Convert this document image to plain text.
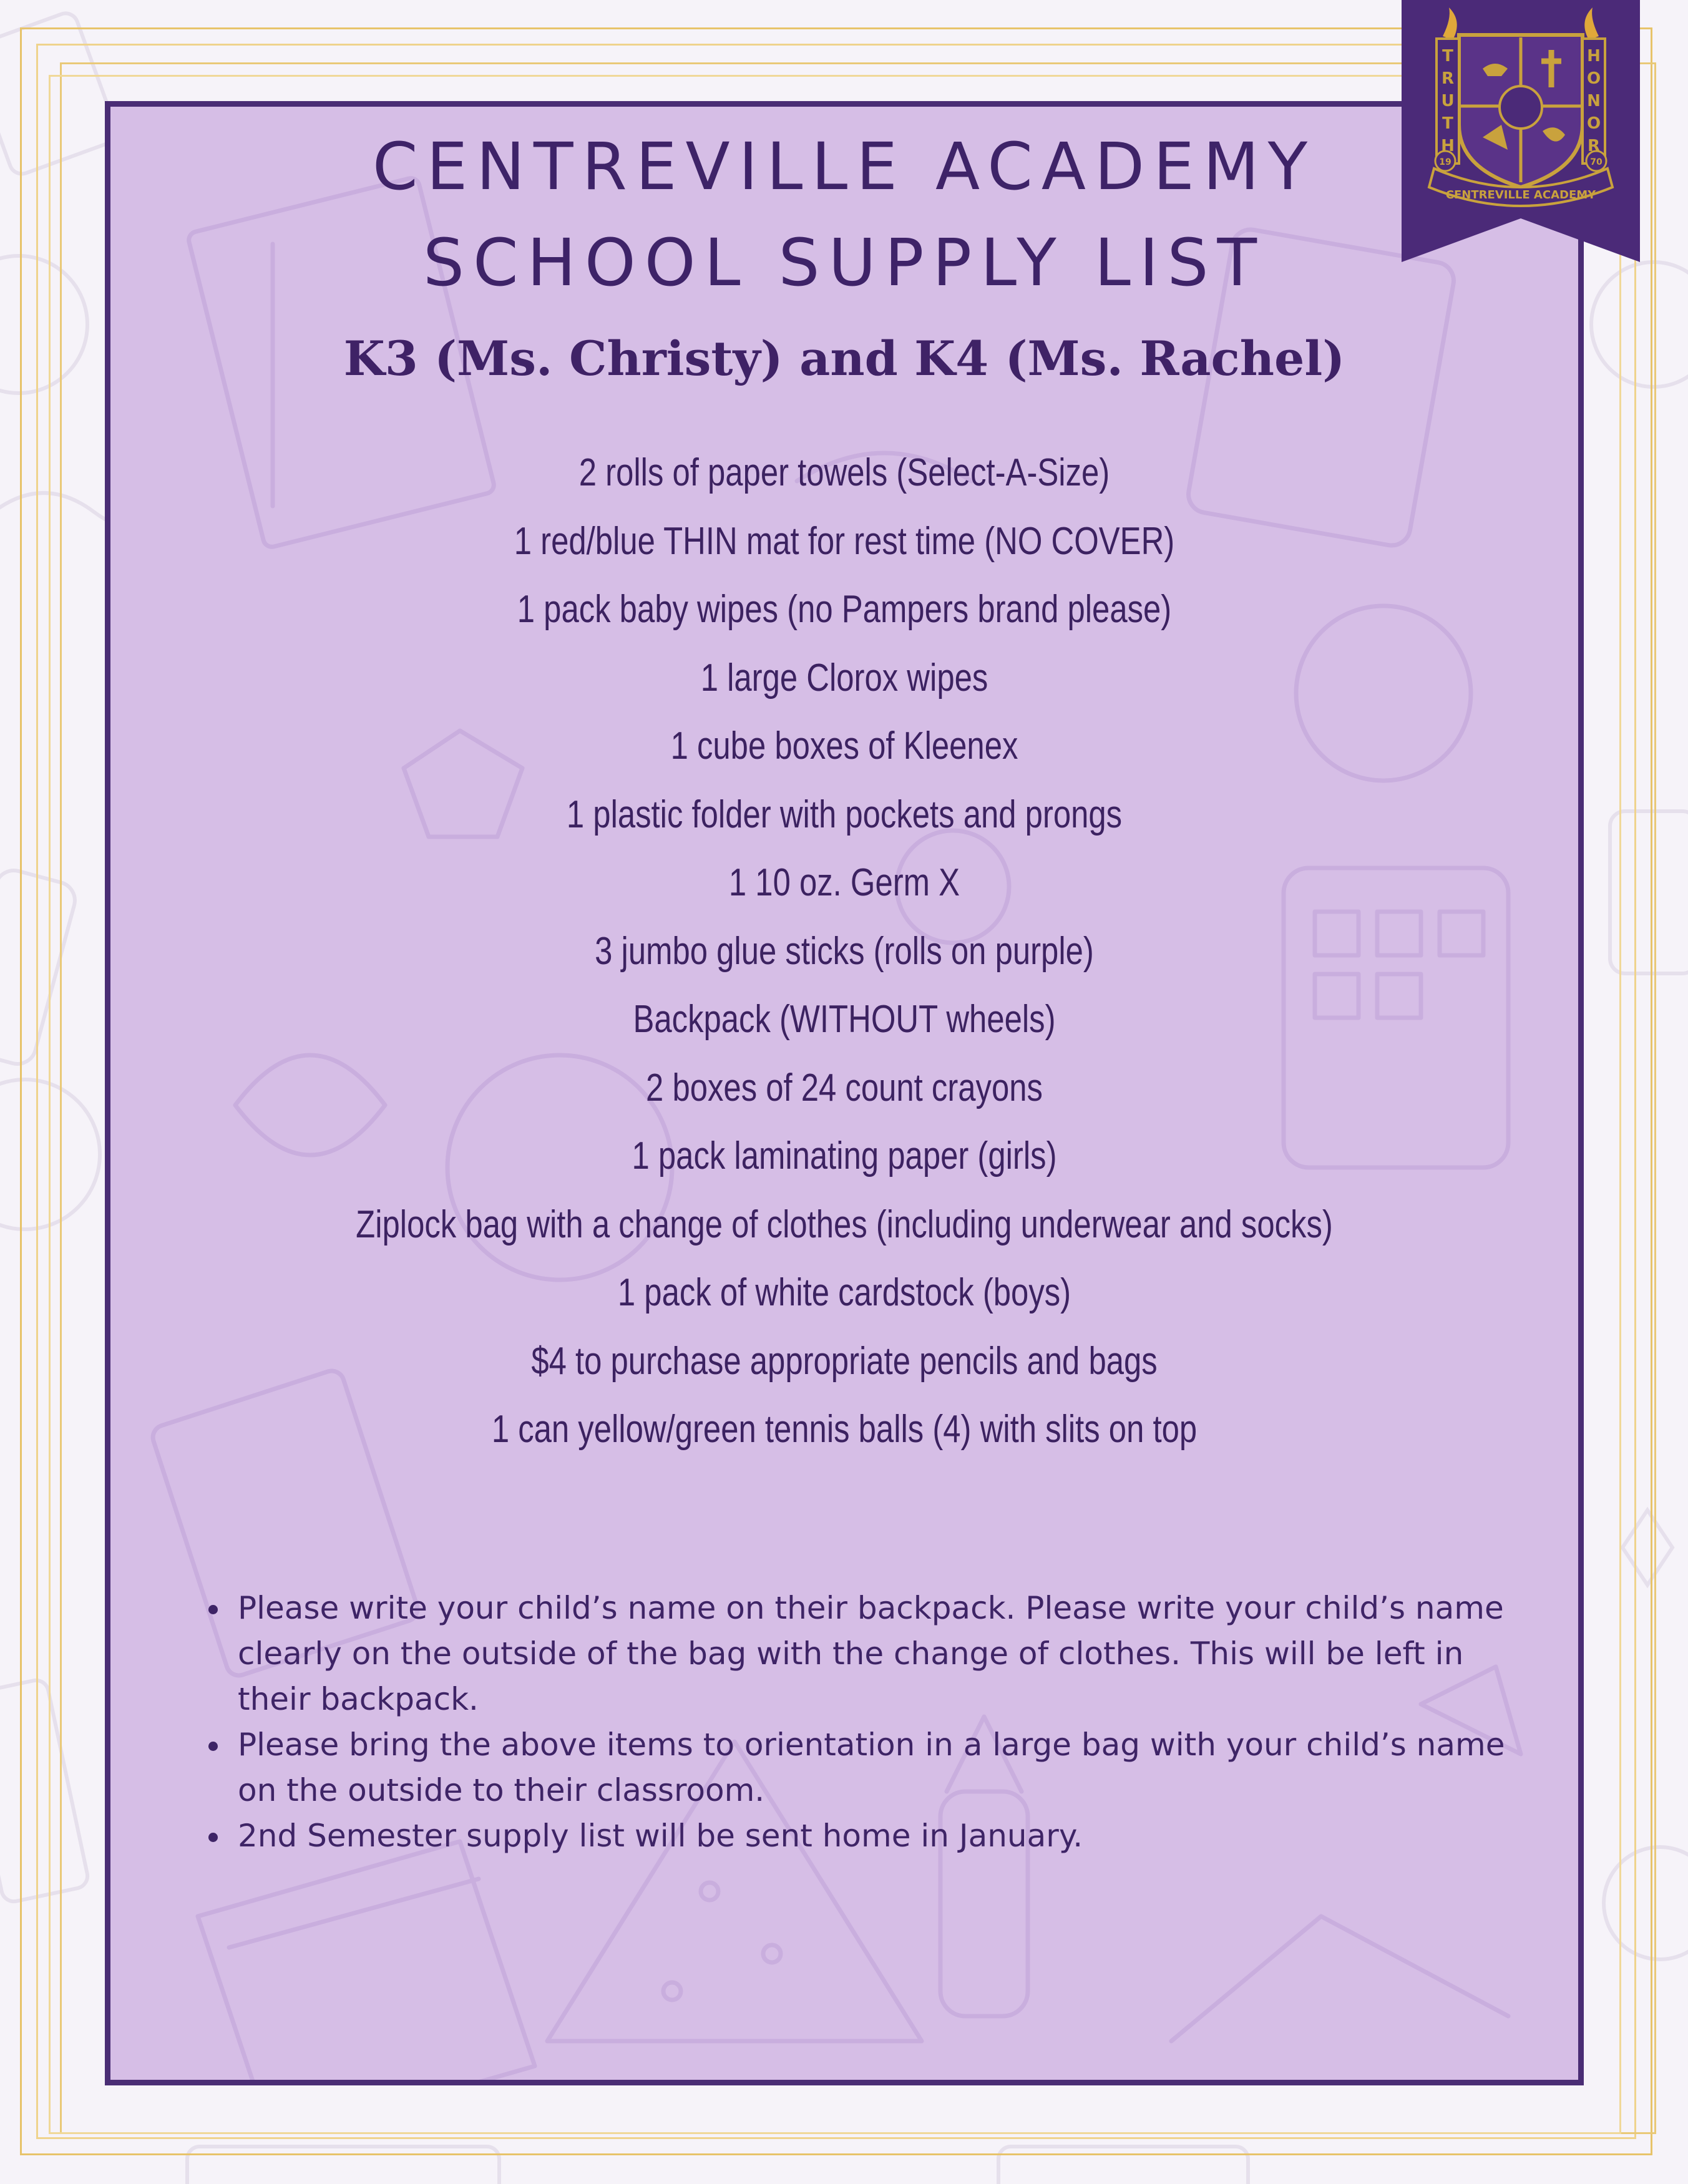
CENTREVILLE ACADEMY
SCHOOL SUPPLY LIST
K3 (Ms. Christy) and K4 (Ms. Rachel)
2 rolls of paper towels (Select-A-Size)
1 red/blue THIN mat for rest time (NO COVER)
1 pack baby wipes (no Pampers brand please)
1 large Clorox wipes
1 cube boxes of Kleenex
1 plastic folder with pockets and prongs
1 10 oz. Germ X
3 jumbo glue sticks (rolls on purple)
Backpack (WITHOUT wheels)
2 boxes of 24 count crayons
1 pack laminating paper (girls)
Ziplock bag with a change of clothes (including underwear and socks)
1 pack of white cardstock (boys)
$4 to purchase appropriate pencils and bags
1 can yellow/green tennis balls (4) with slits on top
• Please write your child’s name on their backpack. Please write your child’s name clearly on the outside of the bag with the change of clothes. This will be left in their backpack.
• Please bring the above items to orientation in a large bag with your child’s name on the outside to their classroom.
• 2nd Semester supply list will be sent home in January.
T
R
U
T
H
H
O
N
O
R
19	70
CENTREVILLE ACADEMY
